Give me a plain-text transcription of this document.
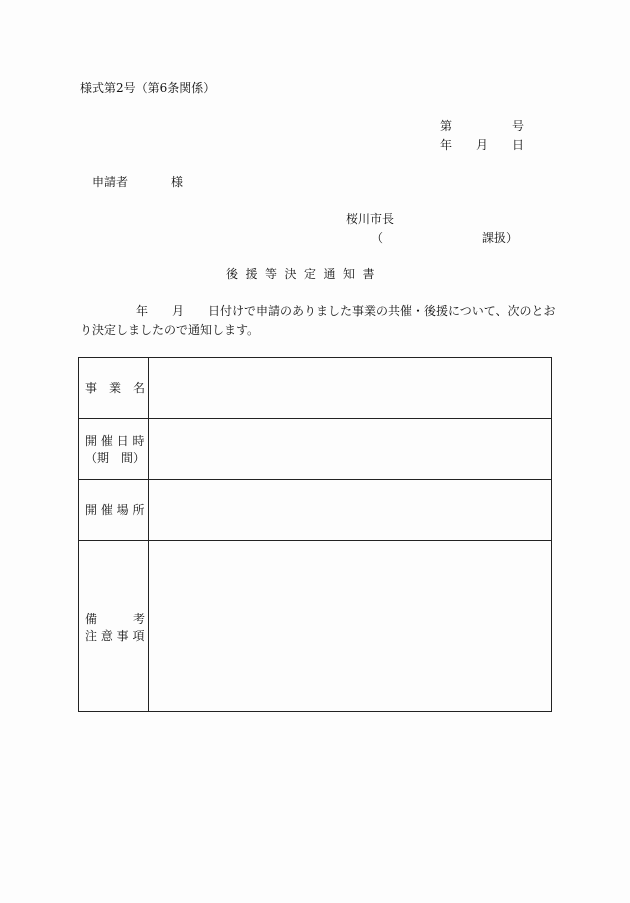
様式第2号（第6条関係）
第	号
年 月 日
申請者	様
桜川市長
（	課扱）
後援等決定通知書
年 月 日付けで申請のありました事業の共催・後援について、次のとお
り決定しましたので通知します。
事　業　名
開 催 日 時
（期　間）
開 催 場 所
備　　　考
注 意 事 項
